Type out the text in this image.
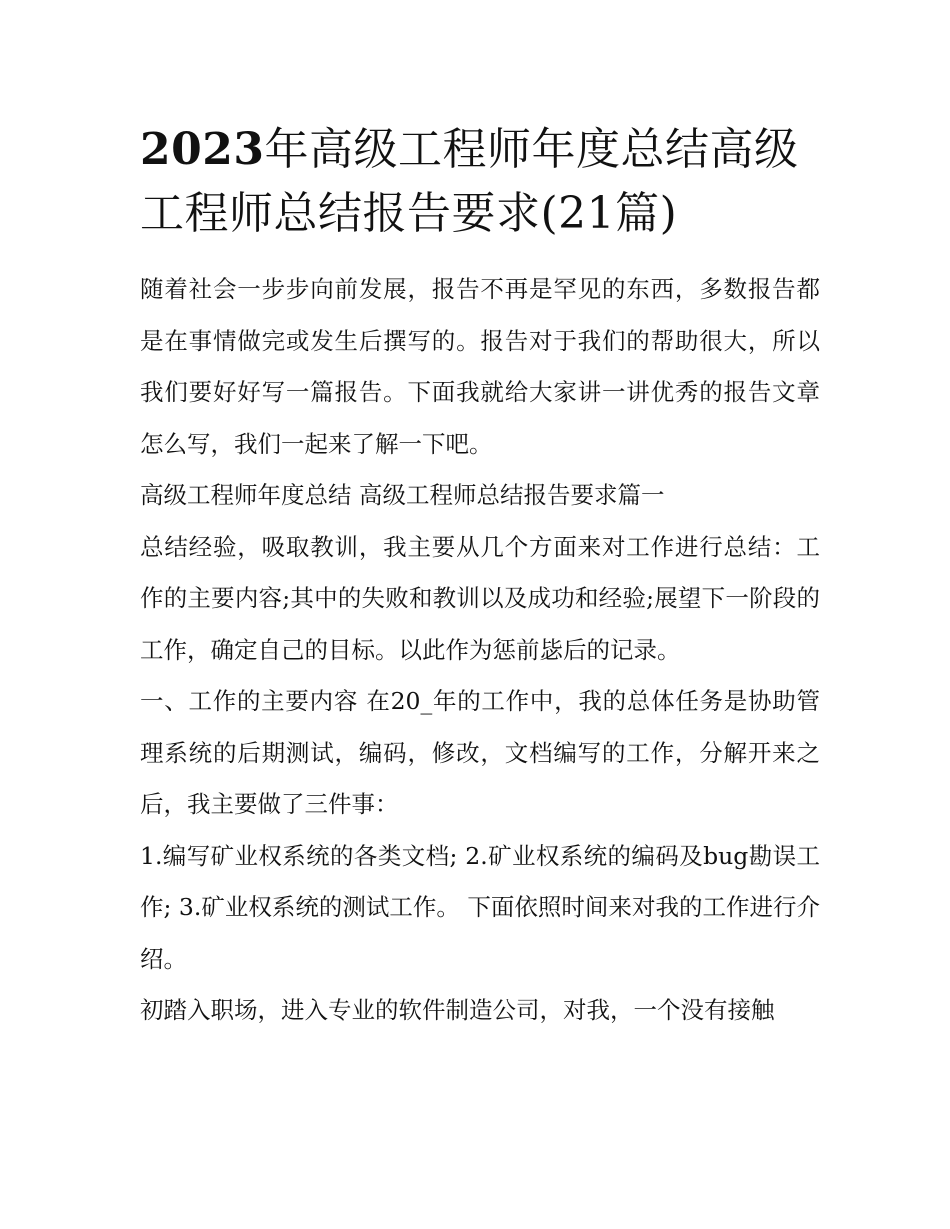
2023年高级工程师年度总结高级工程师总结报告要求(21篇)

随着社会一步步向前发展，报告不再是罕见的东西，多数报告都是在事情做完或发生后撰写的。报告对于我们的帮助很大，所以我们要好好写一篇报告。下面我就给大家讲一讲优秀的报告文章怎么写，我们一起来了解一下吧。

高级工程师年度总结 高级工程师总结报告要求篇一

总结经验，吸取教训，我主要从几个方面来对工作进行总结：工作的主要内容;其中的失败和教训以及成功和经验;展望下一阶段的工作，确定自己的目标。以此作为惩前毖后的记录。

一、工作的主要内容 在20_年的工作中，我的总体任务是协助管理系统的后期测试，编码，修改，文档编写的工作，分解开来之后，我主要做了三件事：

1.编写矿业权系统的各类文档; 2.矿业权系统的编码及bug勘误工作; 3.矿业权系统的测试工作。 下面依照时间来对我的工作进行介绍。

初踏入职场，进入专业的软件制造公司，对我，一个没有接触
